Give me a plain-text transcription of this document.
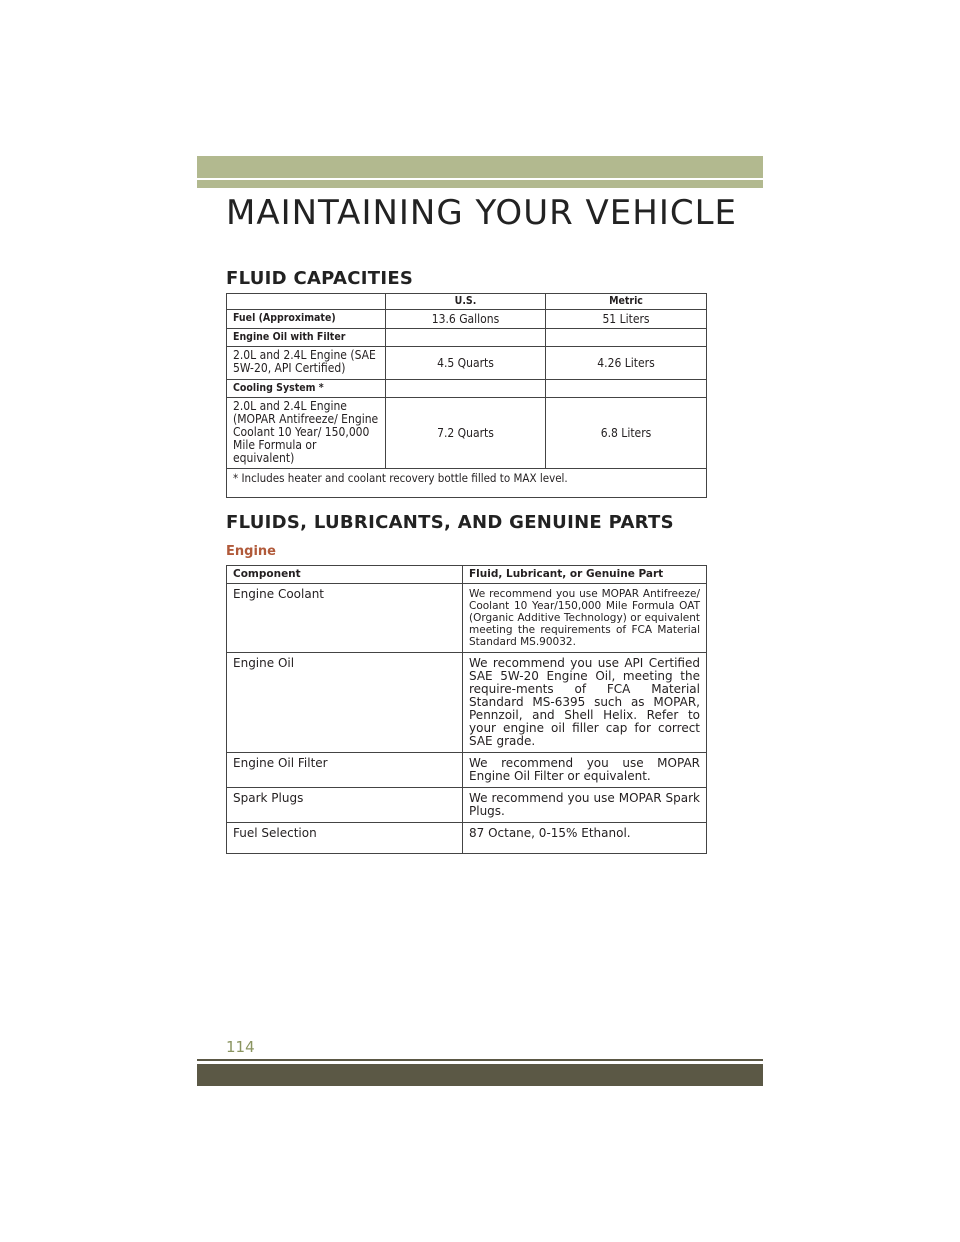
MAINTAINING YOUR VEHICLE
FLUID CAPACITIES
	U.S.	Metric
Fuel (Approximate)	13.6 Gallons	51 Liters
Engine Oil with Filter		
2.0L and 2.4L Engine (SAE 5W-20, API Certified)	4.5 Quarts	4.26 Liters
Cooling System *		
2.0L and 2.4L Engine (MOPAR Antifreeze/ Engine Coolant 10 Year/ 150,000 Mile Formula or equivalent)	7.2 Quarts	6.8 Liters
* Includes heater and coolant recovery bottle filled to MAX level.		
FLUIDS, LUBRICANTS, AND GENUINE PARTS
Engine
Component	Fluid, Lubricant, or Genuine Part
Engine Coolant	We recommend you use MOPAR Antifreeze/ Coolant 10 Year/150,000 Mile Formula OAT (Organic Additive Technology) or equivalent meeting the requirements of FCA Material Standard MS.90032.
Engine Oil	We recommend you use API Certified SAE 5W-20 Engine Oil, meeting the require-ments of FCA Material Standard MS-6395 such as MOPAR, Pennzoil, and Shell Helix. Refer to your engine oil filler cap for correct SAE grade.
Engine Oil Filter	We recommend you use MOPAR Engine Oil Filter or equivalent.
Spark Plugs	We recommend you use MOPAR Spark Plugs.
Fuel Selection	87 Octane, 0-15% Ethanol.
114
